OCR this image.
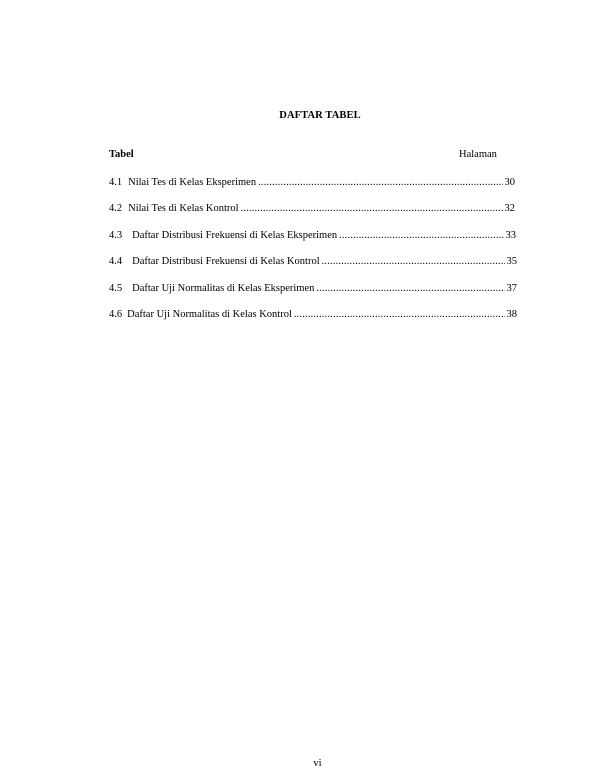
DAFTAR TABEL
Tabel	Halaman
4.1 Nilai Tes di Kelas Eksperimen .....	30
4.2 Nilai Tes di Kelas Kontrol .....	32
4.3 Daftar Distribusi Frekuensi di Kelas Eksperimen .....	33
4.4 Daftar Distribusi Frekuensi di Kelas Kontrol .....	35
4.5 Daftar Uji Normalitas di Kelas Eksperimen .....	37
4.6 Daftar Uji Normalitas di Kelas Kontrol .....	38
vi
